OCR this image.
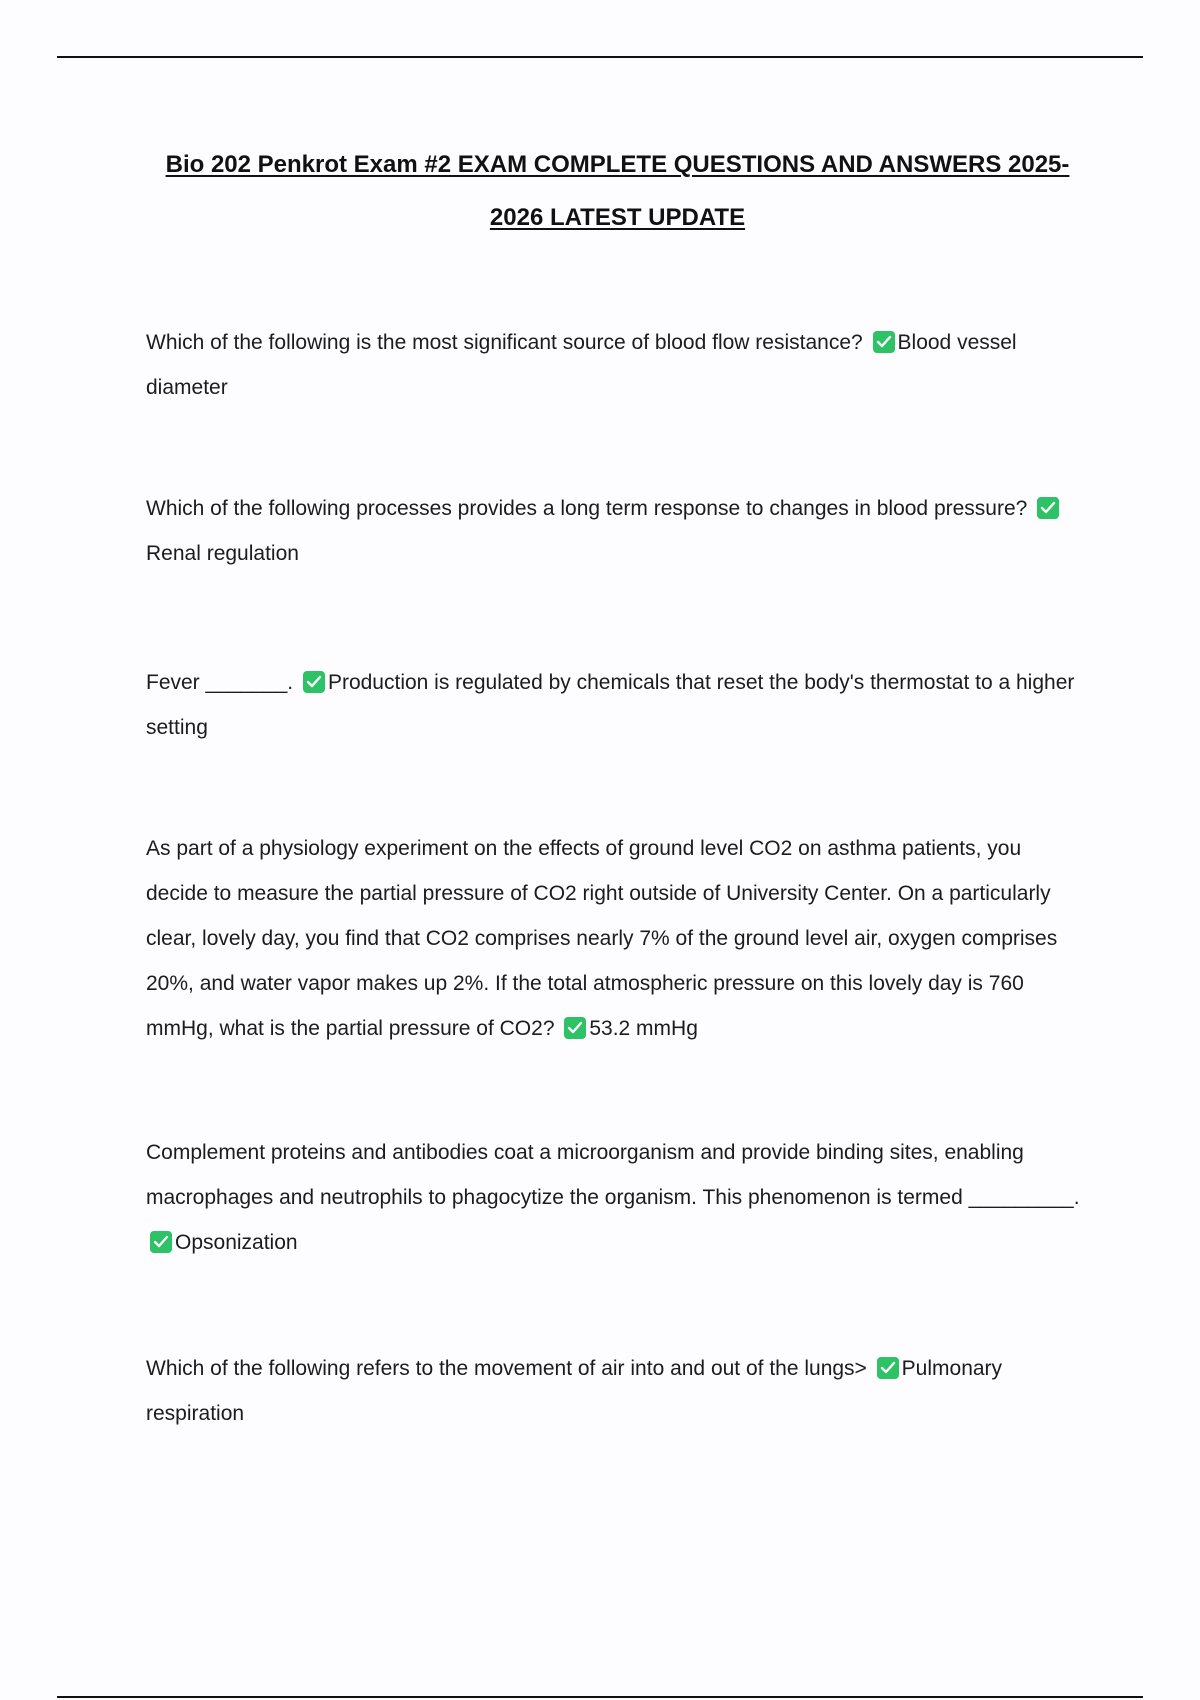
Bio 202 Penkrot Exam #2 EXAM COMPLETE QUESTIONS AND ANSWERS 2025-2026 LATEST UPDATE
Which of the following is the most significant source of blood flow resistance? Blood vessel diameter
Which of the following processes provides a long term response to changes in blood pressure?
Renal regulation
Fever _______. Production is regulated by chemicals that reset the body's thermostat to a higher setting
As part of a physiology experiment on the effects of ground level CO2 on asthma patients, you decide to measure the partial pressure of CO2 right outside of University Center. On a particularly clear, lovely day, you find that CO2 comprises nearly 7% of the ground level air, oxygen comprises 20%, and water vapor makes up 2%. If the total atmospheric pressure on this lovely day is 760 mmHg, what is the partial pressure of CO2? 53.2 mmHg
Complement proteins and antibodies coat a microorganism and provide binding sites, enabling macrophages and neutrophils to phagocytize the organism. This phenomenon is termed _________.
Opsonization
Which of the following refers to the movement of air into and out of the lungs> Pulmonary respiration
